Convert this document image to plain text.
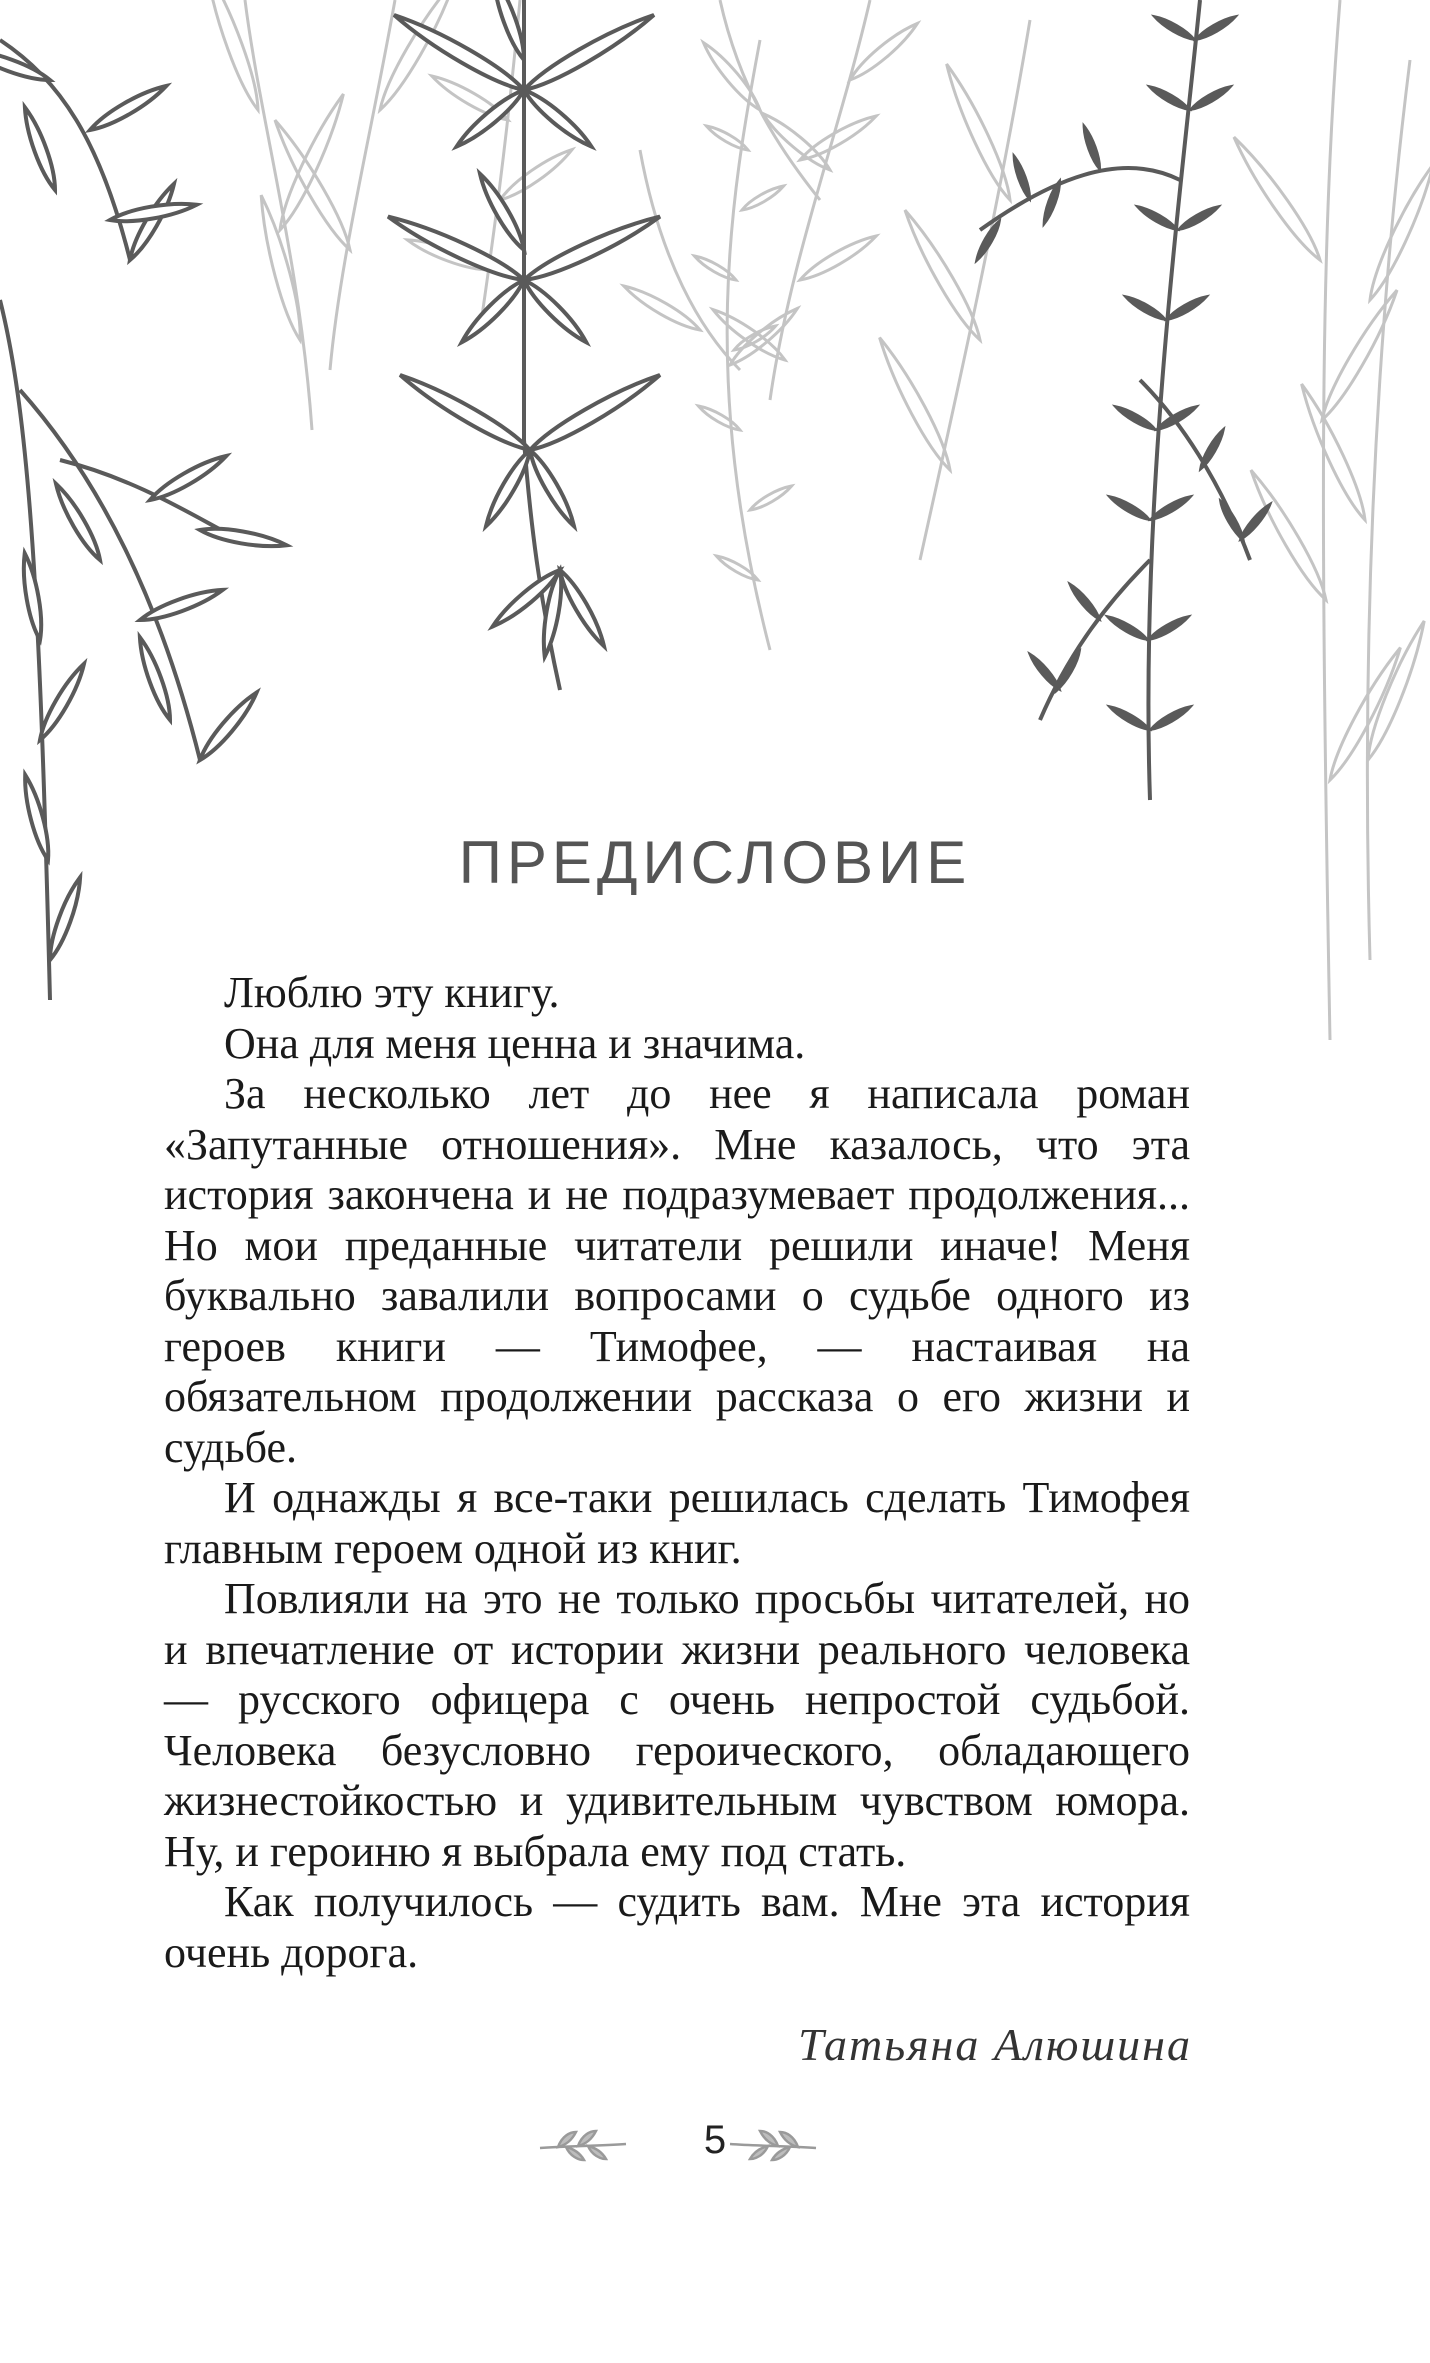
ПРЕДИСЛОВИЕ

Люблю эту книгу.

Она для меня ценна и значима.

За несколько лет до нее я написала роман «Запутанные отношения». Мне казалось, что эта история закончена и не подразумевает продолжения... Но мои преданные читатели решили иначе! Меня буквально завалили вопросами о судьбе одного из героев книги — Тимофее, — настаивая на обязательном продолжении рассказа о его жизни и судьбе.

И однажды я все-таки решилась сделать Тимофея главным героем одной из книг.

Повлияли на это не только просьбы читателей, но и впечатление от истории жизни реального человека — русского офицера с очень непростой судьбой. Человека безусловно героического, обладающего жизнестойкостью и удивительным чувством юмора. Ну, и героиню я выбрала ему под стать.

Как получилось — судить вам. Мне эта история очень дорога.

Татьяна Алюшина
5
